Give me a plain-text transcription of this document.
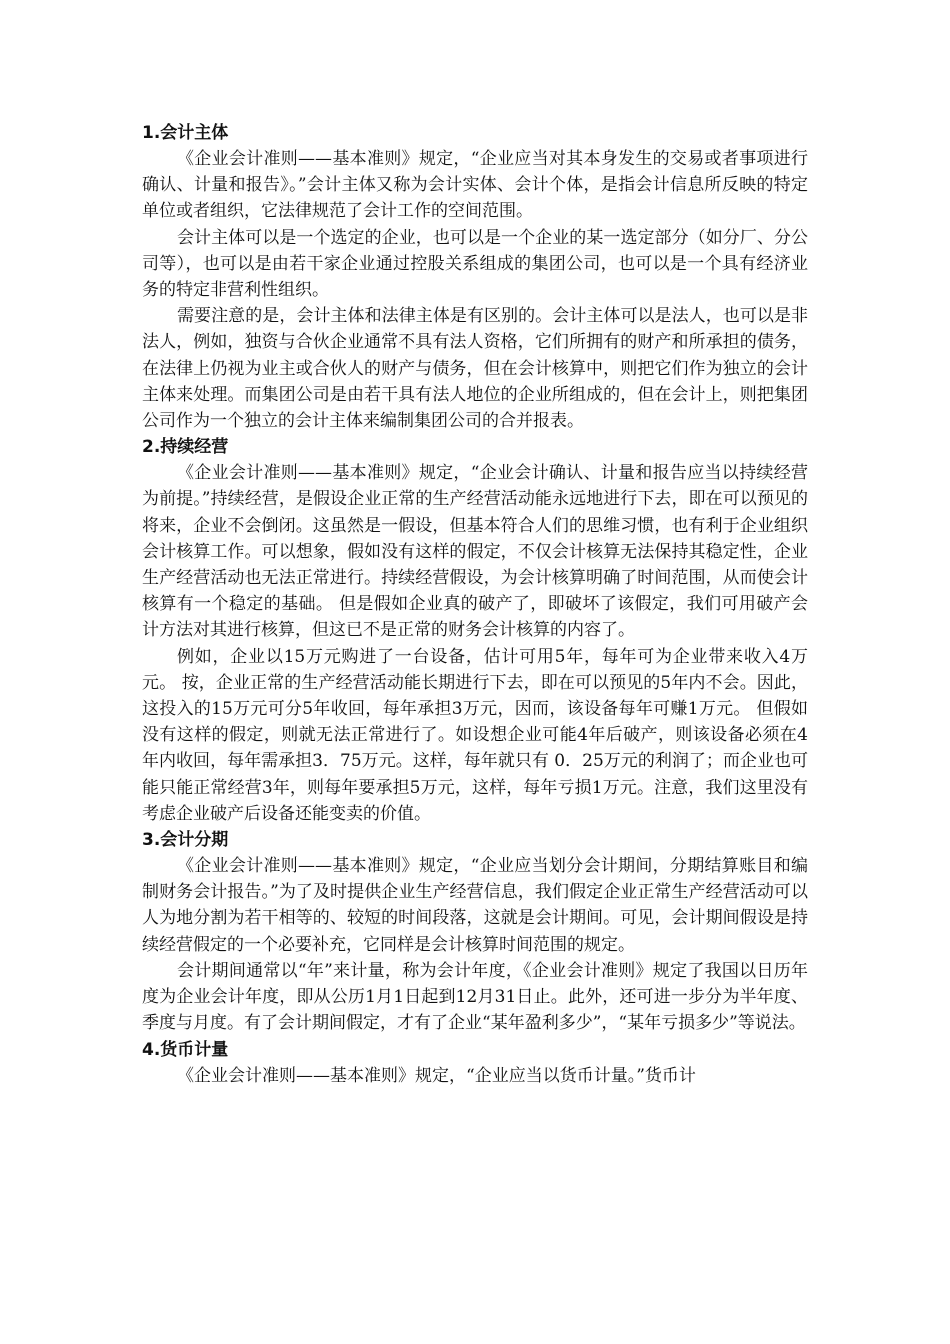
1.会计主体

《企业会计准则——基本准则》规定，“企业应当对其本身发生的交易或者事项进行确认、计量和报告》。”会计主体又称为会计实体、会计个体，是指会计信息所反映的特定单位或者组织，它法律规范了会计工作的空间范围。

会计主体可以是一个选定的企业，也可以是一个企业的某一选定部分（如分厂、分公司等），也可以是由若干家企业通过控股关系组成的集团公司，也可以是一个具有经济业务的特定非营利性组织。

需要注意的是，会计主体和法律主体是有区别的。会计主体可以是法人，也可以是非法人，例如，独资与合伙企业通常不具有法人资格，它们所拥有的财产和所承担的债务，在法律上仍视为业主或合伙人的财产与债务，但在会计核算中，则把它们作为独立的会计主体来处理。而集团公司是由若干具有法人地位的企业所组成的，但在会计上，则把集团公司作为一个独立的会计主体来编制集团公司的合并报表。

2.持续经营

《企业会计准则——基本准则》规定，“企业会计确认、计量和报告应当以持续经营为前提。”持续经营，是假设企业正常的生产经营活动能永远地进行下去，即在可以预见的将来，企业不会倒闭。这虽然是一假设，但基本符合人们的思维习惯，也有利于企业组织会计核算工作。可以想象，假如没有这样的假定，不仅会计核算无法保持其稳定性，企业生产经营活动也无法正常进行。持续经营假设，为会计核算明确了时间范围，从而使会计核算有一个稳定的基础。 但是假如企业真的破产了，即破坏了该假定，我们可用破产会计方法对其进行核算，但这已不是正常的财务会计核算的内容了。

例如，企业以15万元购进了一台设备，估计可用5年，每年可为企业带来收入4万元。 按，企业正常的生产经营活动能长期进行下去，即在可以预见的5年内不会。因此，这投入的15万元可分5年收回，每年承担3万元，因而，该设备每年可赚1万元。 但假如没有这样的假定，则就无法正常进行了。如设想企业可能4年后破产，则该设备必须在4年内收回，每年需承担3．75万元。这样，每年就只有 0．25万元的利润了；而企业也可能只能正常经营3年，则每年要承担5万元，这样，每年亏损1万元。注意，我们这里没有考虑企业破产后设备还能变卖的价值。

3.会计分期

《企业会计准则——基本准则》规定，“企业应当划分会计期间，分期结算账目和编制财务会计报告。”为了及时提供企业生产经营信息，我们假定企业正常生产经营活动可以人为地分割为若干相等的、较短的时间段落，这就是会计期间。可见，会计期间假设是持续经营假定的一个必要补充，它同样是会计核算时间范围的规定。

会计期间通常以“年”来计量，称为会计年度，《企业会计准则》规定了我国以日历年度为企业会计年度，即从公历1月1日起到12月31日止。此外，还可进一步分为半年度、季度与月度。有了会计期间假定，才有了企业“某年盈利多少”，“某年亏损多少”等说法。

4.货币计量

《企业会计准则——基本准则》规定，“企业应当以货币计量。”货币计
